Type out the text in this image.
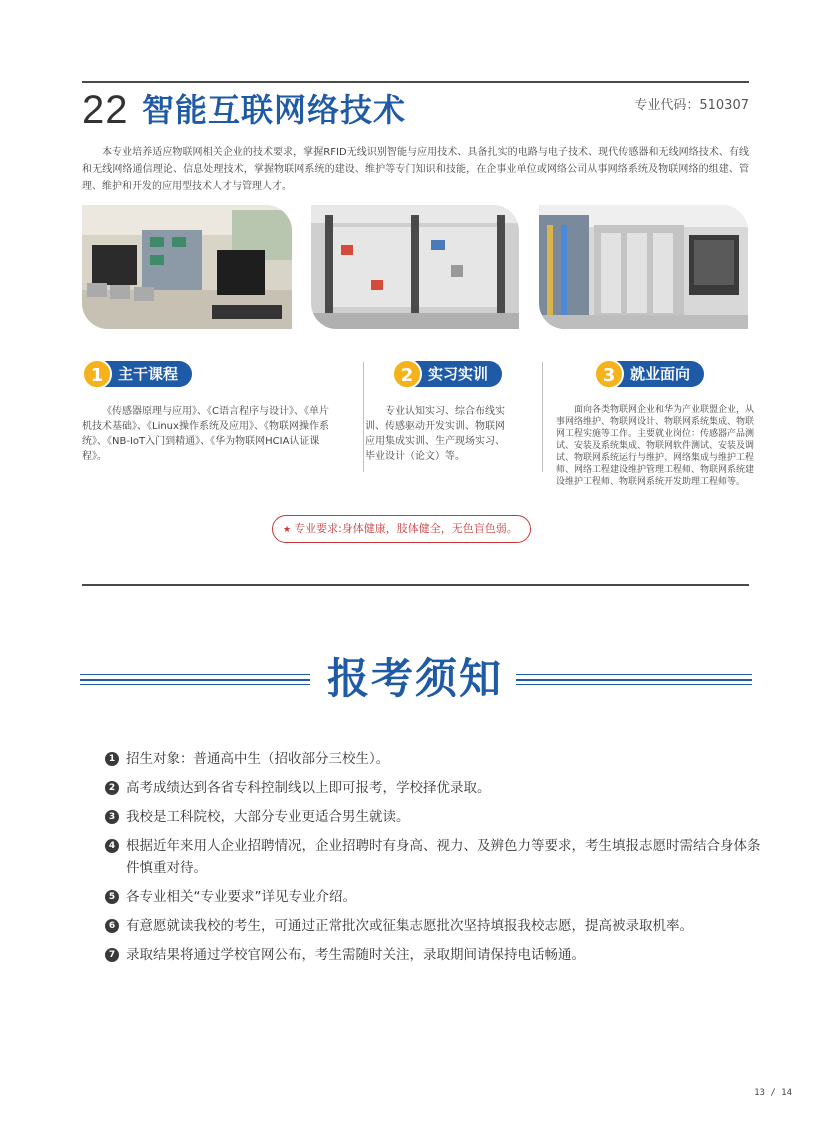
22 智能互联网络技术	专业代码：510307

本专业培养适应物联网相关企业的技术要求，掌握RFID无线识别智能与应用技术、具备扎实的电路与电子技术、现代传感器和无线网络技术、有线和无线网络通信理论、信息处理技术，掌握物联网系统的建设、维护等专门知识和技能，在企事业单位或网络公司从事网络系统及物联网络的组建、管理、维护和开发的应用型技术人才与管理人才。

1 主干课程	2 实习实训	3 就业面向

《传感器原理与应用》、《C语言程序与设计》、《单片机技术基础》、《Linux操作系统及应用》、《物联网操作系统》、《NB-IoT入门到精通》、《华为物联网HCIA认证课程》。

专业认知实习、综合布线实训、传感驱动开发实训、物联网应用集成实训、生产现场实习、毕业设计（论文）等。

面向各类物联网企业和华为产业联盟企业，从事网络维护、物联网设计、物联网系统集成、物联网工程实施等工作。主要就业岗位：传感器产品测试、安装及系统集成、物联网软件测试、安装及调试、物联网系统运行与维护、网络集成与维护工程师、网络工程建设维护管理工程师、物联网系统建设维护工程师、物联网系统开发助理工程师等。

★ 专业要求:身体健康，肢体健全，无色盲色弱。
报考须知
1 招生对象：普通高中生（招收部分三校生）。
2 高考成绩达到各省专科控制线以上即可报考，学校择优录取。
3 我校是工科院校，大部分专业更适合男生就读。
4 根据近年来用人企业招聘情况，企业招聘时有身高、视力、及辨色力等要求，考生填报志愿时需结合身体条件慎重对待。
5 各专业相关“专业要求”详见专业介绍。
6 有意愿就读我校的考生，可通过正常批次或征集志愿批次坚持填报我校志愿，提高被录取机率。
7 录取结果将通过学校官网公布，考生需随时关注，录取期间请保持电话畅通。
13 / 14
